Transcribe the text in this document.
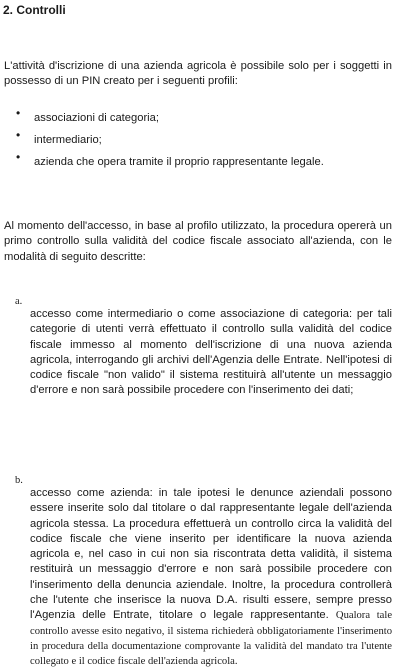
2. Controlli
L'attività d'iscrizione di una azienda agricola è possibile solo per i soggetti in possesso di un PIN creato per i seguenti profili:
• associazioni di categoria;
• intermediario;
• azienda che opera tramite il proprio rappresentante legale.
Al momento dell'accesso, in base al profilo utilizzato, la procedura opererà un primo controllo sulla validità del codice fiscale associato all'azienda, con le modalità di seguito descritte:
a.
accesso come intermediario o come associazione di categoria: per tali categorie di utenti verrà effettuato il controllo sulla validità del codice fiscale immesso al momento dell'iscrizione di una nuova azienda agricola, interrogando gli archivi dell'Agenzia delle Entrate. Nell'ipotesi di codice fiscale "non valido" il sistema restituirà all'utente un messaggio d'errore e non sarà possibile procedere con l'inserimento dei dati;
b.
accesso come azienda: in tale ipotesi le denunce aziendali possono essere inserite solo dal titolare o dal rappresentante legale dell'azienda agricola stessa. La procedura effettuerà un controllo circa la validità del codice fiscale che viene inserito per identificare la nuova azienda agricola e, nel caso in cui non sia riscontrata detta validità, il sistema restituirà un messaggio d'errore e non sarà possibile procedere con l'inserimento della denuncia aziendale. Inoltre, la procedura controllerà che l'utente che inserisce la nuova D.A. risulti essere, sempre presso l'Agenzia delle Entrate, titolare o legale rappresentante. Qualora tale controllo avesse esito negativo, il sistema richiederà obbligatoriamente l'inserimento in procedura della documentazione comprovante la validità del mandato tra l'utente collegato e il codice fiscale dell'azienda agricola.
